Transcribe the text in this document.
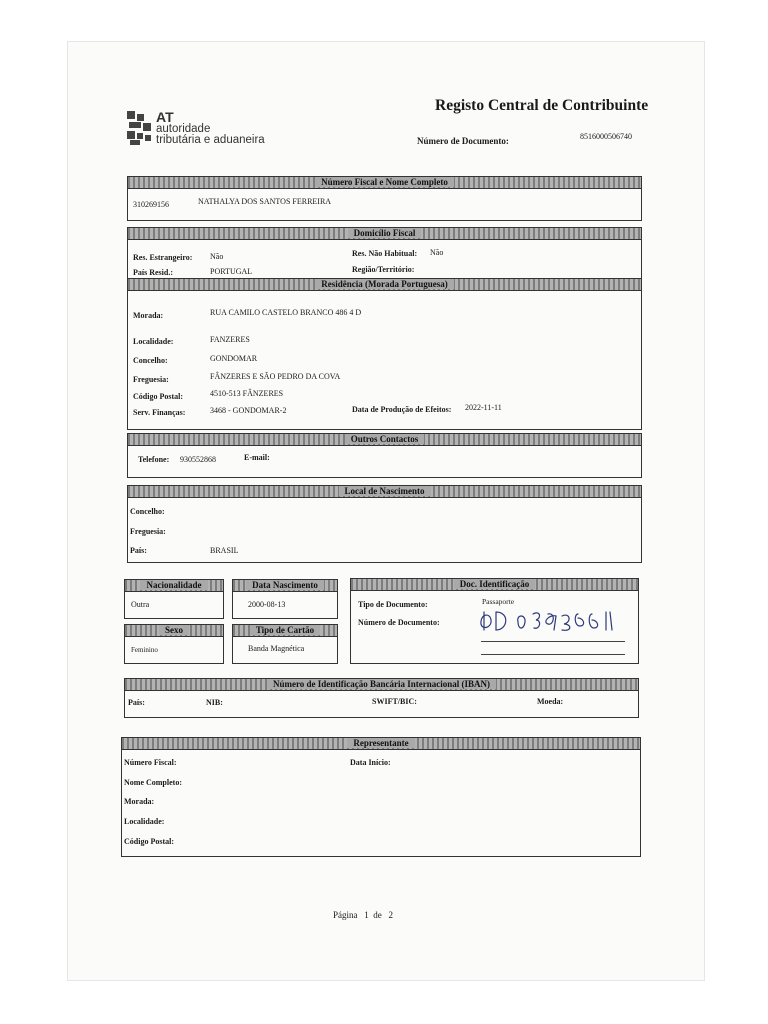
AT
autoridade
tributária e aduaneira
Registo Central de Contribuinte
Número de Documento:	8516000506740
Número Fiscal e Nome Completo
310269156	NATHALYA DOS SANTOS FERREIRA
Domicílio Fiscal
Res. Estrangeiro: Não	Res. Não Habitual: Não
País Resid.:	PORTUGAL	Região/Território:
Residência (Morada Portuguesa)
Morada:	RUA CAMILO CASTELO BRANCO 486 4 D
Localidade:	FANZERES
Concelho:	GONDOMAR
Freguesia:	FÂNZERES E SÃO PEDRO DA COVA
Código Postal:	4510-513 FÂNZERES
Serv. Finanças:	3468 - GONDOMAR-2	Data de Produção de Efeitos: 2022-11-11
Outros Contactos
Telefone: 930552868	E-mail:
Local de Nascimento
Concelho:
Freguesia:
País:	BRASIL
Nacionalidade
Outra
Data Nascimento
2000-08-13
Sexo
Feminino
Tipo de Cartão
Banda Magnética
Doc. Identificação
Tipo de Documento:	Passaporte
Número de Documento:
Número de Identificação Bancária Internacional (IBAN)
País:	NIB:	SWIFT/BIC:	Moeda:
Representante
Número Fiscal:	Data Início:
Nome Completo:
Morada:
Localidade:
Código Postal:
Página 1 de 2
